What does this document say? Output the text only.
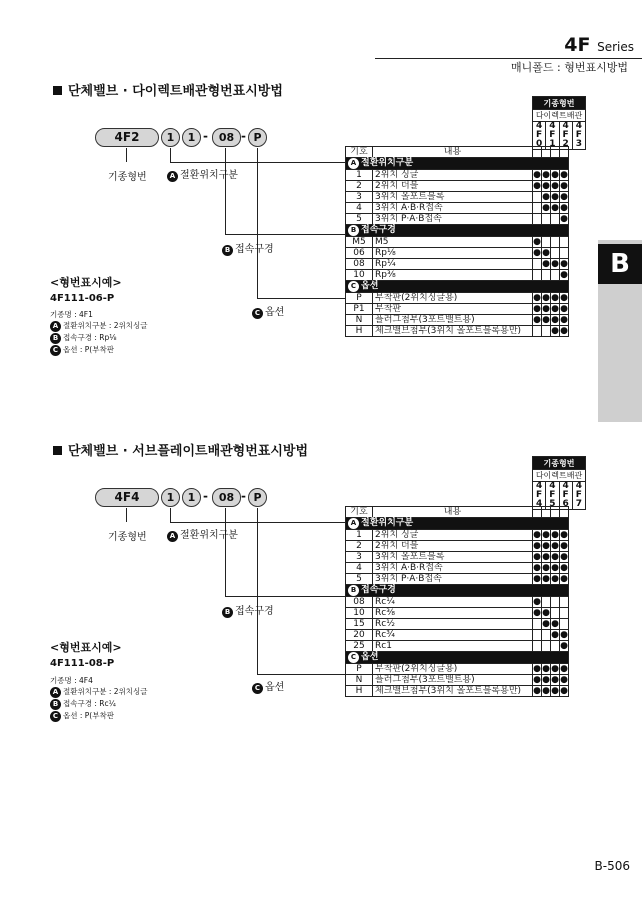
4F Series
매니폴드 : 형번표시방법
B
단체밸브 · 다이렉트배관형번표시방법
4F2	1	1 - 08 - P
기종형번	A 절환위치구분
B 접속구경
C 옵션
<형번표시예>
4F111-06-P
기종명 : 4F1
A 절환위치구분 : 2위치싱글
B 접속구경 : Rp⅛
C 옵션 : P(부착판
기종형번
다이렉트배관

4
F
0

4
F
1

4
F
2

4
F
3
기호	내용				
A 절환위치구분					
1	2위치 싱글	●	●	●	●
2	2위치 더블	●	●	●	●
3	3위치 올포트블록		●	●	●
4	3위치 A·B·R접속		●	●	●
5	3위치 P·A·B접속				●
B 접속구경					
M5	M5	●			
06	Rp⅛	●	●		
08	Rp¼		●	●	●
10	Rp⅜				●
C 옵션					
P	부착판(2위치싱글용)	●	●	●	●
P1	부착판	●	●	●	●
N	플러그첨부(3포트밸트용)	●	●	●	●
H	체크밸브첨부(3위치 올포트블록용만)			●	●
단체밸브 · 서브플레이트배관형번표시방법
4F4	1	1 - 08 - P
기종형번	A 절환위치구분
B 접속구경
C 옵션
<형번표시예>
4F111-08-P
기종명 : 4F4
A 절환위치구분 : 2위치싱글
B 접속구경 : Rc¼
C 옵션 : P(부착판
기종형번
다이렉트배관

4
F
4

4
F
5

4
F
6

4
F
7
기호	내용				
A 절환위치구분					
1	2위치 싱글	●	●	●	●
2	2위치 더블	●	●	●	●
3	3위치 올포트블록	●	●	●	●
4	3위치 A·B·R접속	●	●	●	●
5	3위치 P·A·B접속	●	●	●	●
B 접속구경					
08	Rc¼	●			
10	Rc⅜	●	●		
15	Rc½		●	●	
20	Rc¾			●	●
25	Rc1				●
C 옵션					
P	부착판(2위치싱글용)	●	●	●	●
N	플러그첨부(3포트밸트용)	●	●	●	●
H	체크밸브첨부(3위치 올포트블록용만)	●	●	●	●
B-506
